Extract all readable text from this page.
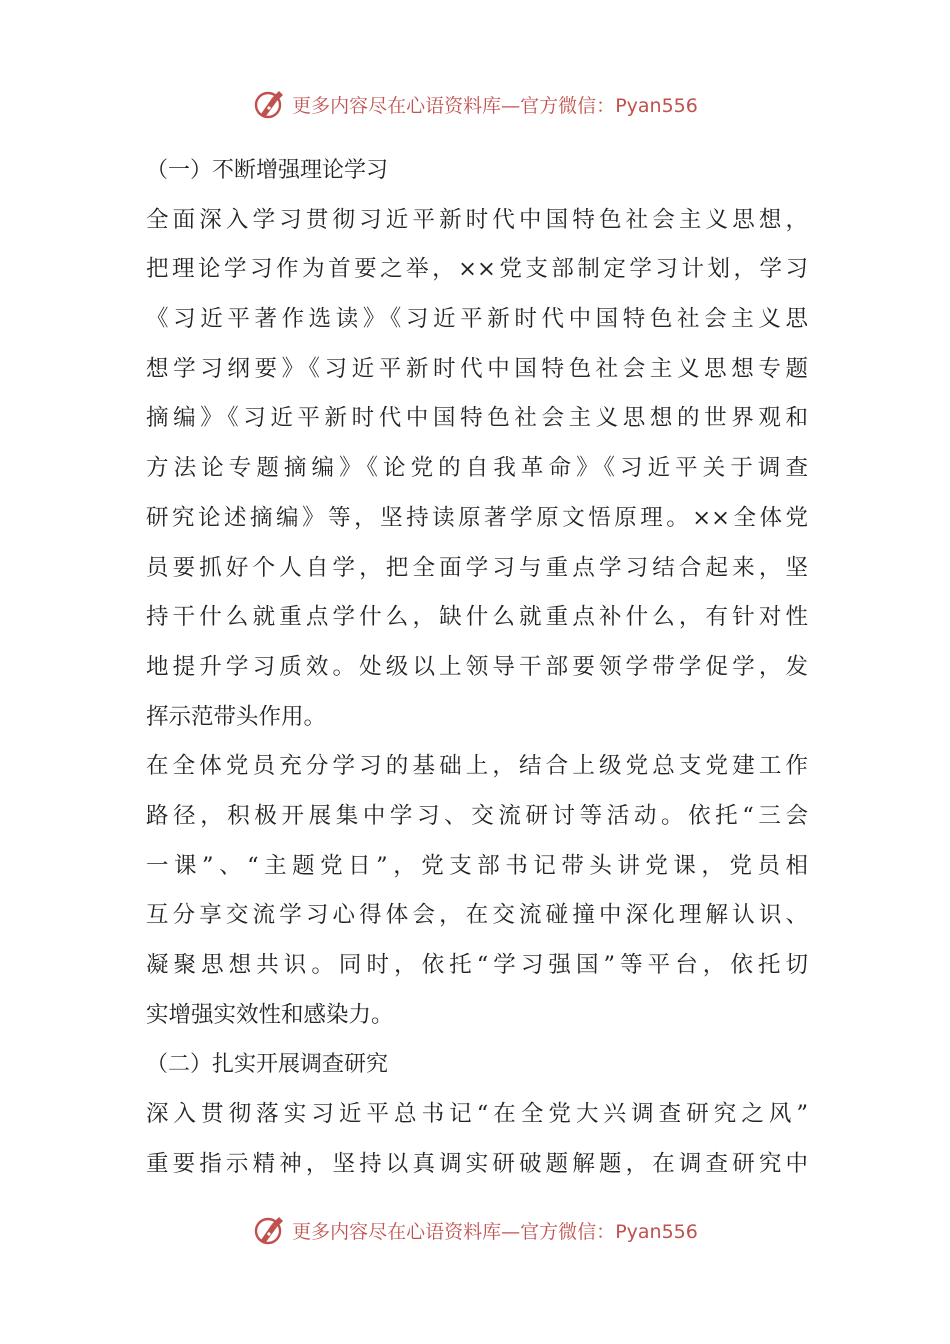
更多内容尽在心语资料库 — 官方微信： Pyan556
（一）不断增强理论学习
全面深入学习贯彻习近平新时代中国特色社会主义思想，
把理论学习作为首要之举，××党支部制定学习计划，学习
《习近平著作选读》《习近平新时代中国特色社会主义思
想学习纲要》《习近平新时代中国特色社会主义思想专题
摘编》《习近平新时代中国特色社会主义思想的世界观和
方法论专题摘编》《论党的自我革命》《习近平关于调查
研究论述摘编》等，坚持读原著学原文悟原理。××全体党
员要抓好个人自学，把全面学习与重点学习结合起来，坚
持干什么就重点学什么，缺什么就重点补什么，有针对性
地提升学习质效。处级以上领导干部要领学带学促学，发
挥示范带头作用。
在全体党员充分学习的基础上，结合上级党总支党建工作
路径，积极开展集中学习、交流研讨等活动。依托“三会
一课”、“主题党日”，党支部书记带头讲党课，党员相
互分享交流学习心得体会，在交流碰撞中深化理解认识、
凝聚思想共识。同时，依托“学习强国”等平台，依托切
实增强实效性和感染力。
（二）扎实开展调查研究
深入贯彻落实习近平总书记“在全党大兴调查研究之风”
重要指示精神，坚持以真调实研破题解题，在调查研究中
更多内容尽在心语资料库 — 官方微信： Pyan556
